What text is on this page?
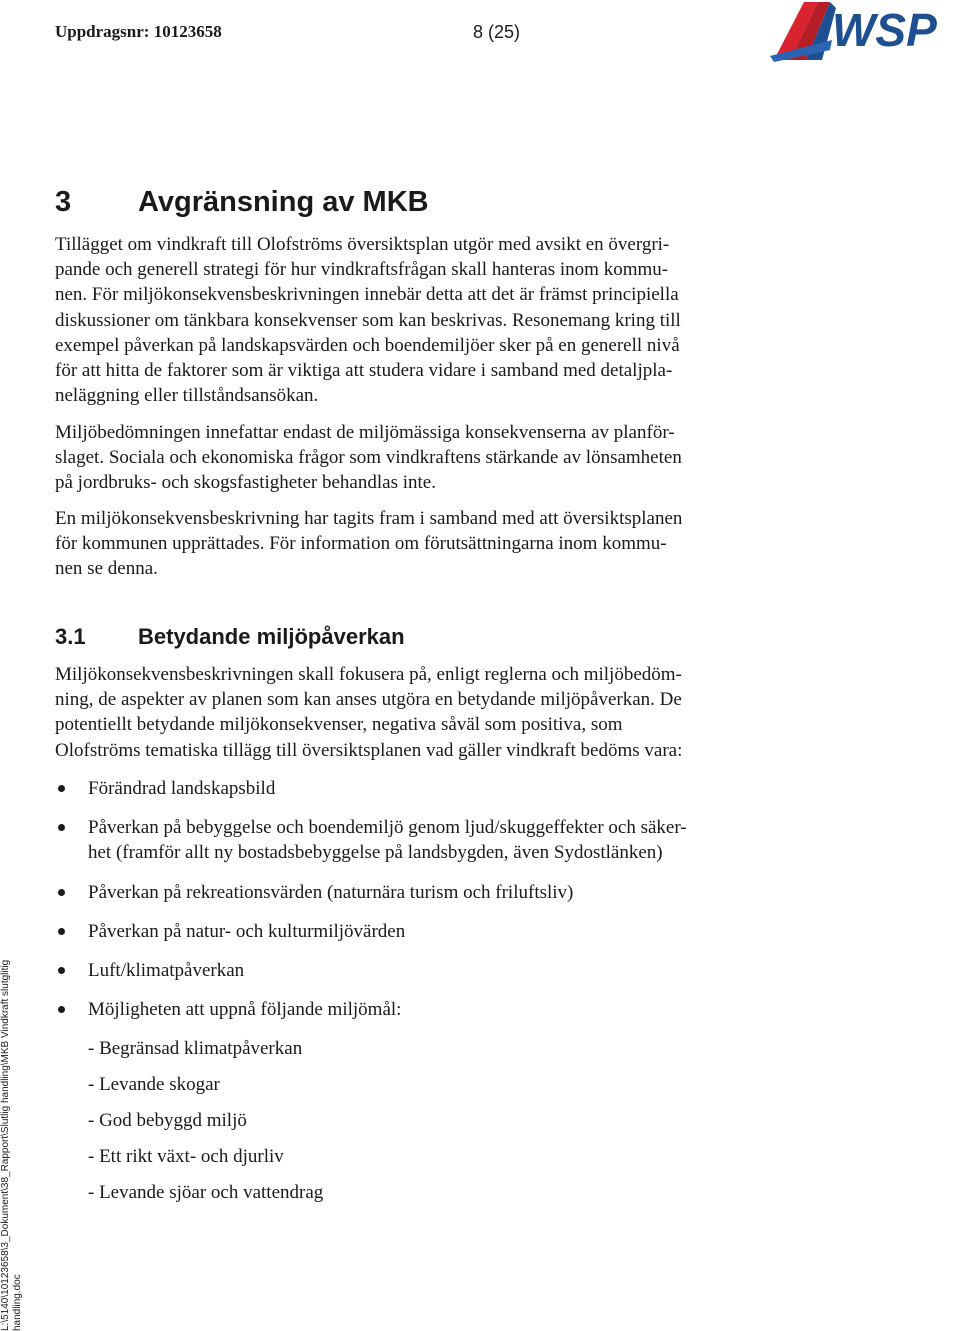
Uppdragsnr: 10123658	8 (25)	WSP
3 Avgränsning av MKB
Tillägget om vindkraft till Olofströms översiktsplan utgör med avsikt en övergri-
pande och generell strategi för hur vindkraftsfrågan skall hanteras inom kommu-
nen. För miljökonsekvensbeskrivningen innebär detta att det är främst principiella
diskussioner om tänkbara konsekvenser som kan beskrivas. Resonemang kring till
exempel påverkan på landskapsvärden och boendemiljöer sker på en generell nivå
för att hitta de faktorer som är viktiga att studera vidare i samband med detaljpla-
neläggning eller tillståndsansökan.
Miljöbedömningen innefattar endast de miljömässiga konsekvenserna av planför-
slaget. Sociala och ekonomiska frågor som vindkraftens stärkande av lönsamheten
på jordbruks- och skogsfastigheter behandlas inte.
En miljökonsekvensbeskrivning har tagits fram i samband med att översiktsplanen
för kommunen upprättades. För information om förutsättningarna inom kommu-
nen se denna.
3.1 Betydande miljöpåverkan
Miljökonsekvensbeskrivningen skall fokusera på, enligt reglerna och miljöbedöm-
ning, de aspekter av planen som kan anses utgöra en betydande miljöpåverkan. De
potentiellt betydande miljökonsekvenser, negativa såväl som positiva, som
Olofströms tematiska tillägg till översiktsplanen vad gäller vindkraft bedöms vara:
Förändrad landskapsbild
Påverkan på bebyggelse och boendemiljö genom ljud/skuggeffekter och säker-
het (framför allt ny bostadsbebyggelse på landsbygden, även Sydostlänken)
Påverkan på rekreationsvärden (naturnära turism och friluftsliv)
Påverkan på natur- och kulturmiljövärden
Luft/klimatpåverkan
Möjligheten att uppnå följande miljömål:
- Begränsad klimatpåverkan
- Levande skogar
- God bebyggd miljö
- Ett rikt växt- och djurliv
- Levande sjöar och vattendrag
L:\5140\10123658\3_Dokument\38_Rapport\Slutlig handling\MKB Vindkraft slutglitig handling.doc
